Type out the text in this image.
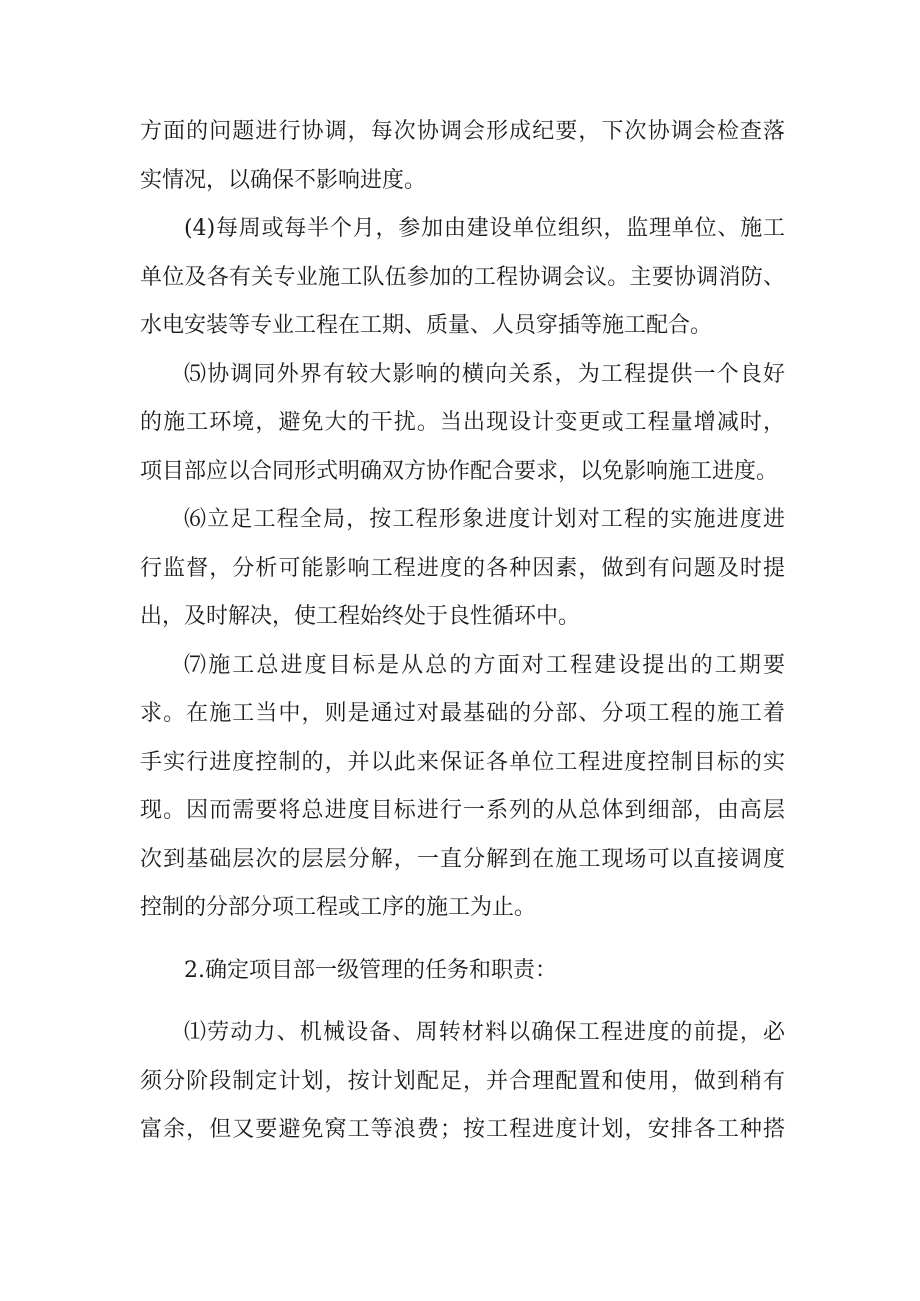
方面的问题进行协调，每次协调会形成纪要，下次协调会检查落
实情况，以确保不影响进度。
(4)每周或每半个月，参加由建设单位组织，监理单位、施工
单位及各有关专业施工队伍参加的工程协调会议。主要协调消防、
水电安装等专业工程在工期、质量、人员穿插等施工配合。
⑸协调同外界有较大影响的横向关系，为工程提供一个良好
的施工环境，避免大的干扰。当出现设计变更或工程量增减时，
项目部应以合同形式明确双方协作配合要求，以免影响施工进度。
⑹立足工程全局，按工程形象进度计划对工程的实施进度进
行监督，分析可能影响工程进度的各种因素，做到有问题及时提
出，及时解决，使工程始终处于良性循环中。
⑺施工总进度目标是从总的方面对工程建设提出的工期要
求。在施工当中，则是通过对最基础的分部、分项工程的施工着
手实行进度控制的，并以此来保证各单位工程进度控制目标的实
现。因而需要将总进度目标进行一系列的从总体到细部，由高层
次到基础层次的层层分解，一直分解到在施工现场可以直接调度
控制的分部分项工程或工序的施工为止。
2.确定项目部一级管理的任务和职责：
⑴劳动力、机械设备、周转材料以确保工程进度的前提，必
须分阶段制定计划，按计划配足，并合理配置和使用，做到稍有
富余，但又要避免窝工等浪费；按工程进度计划，安排各工种搭
